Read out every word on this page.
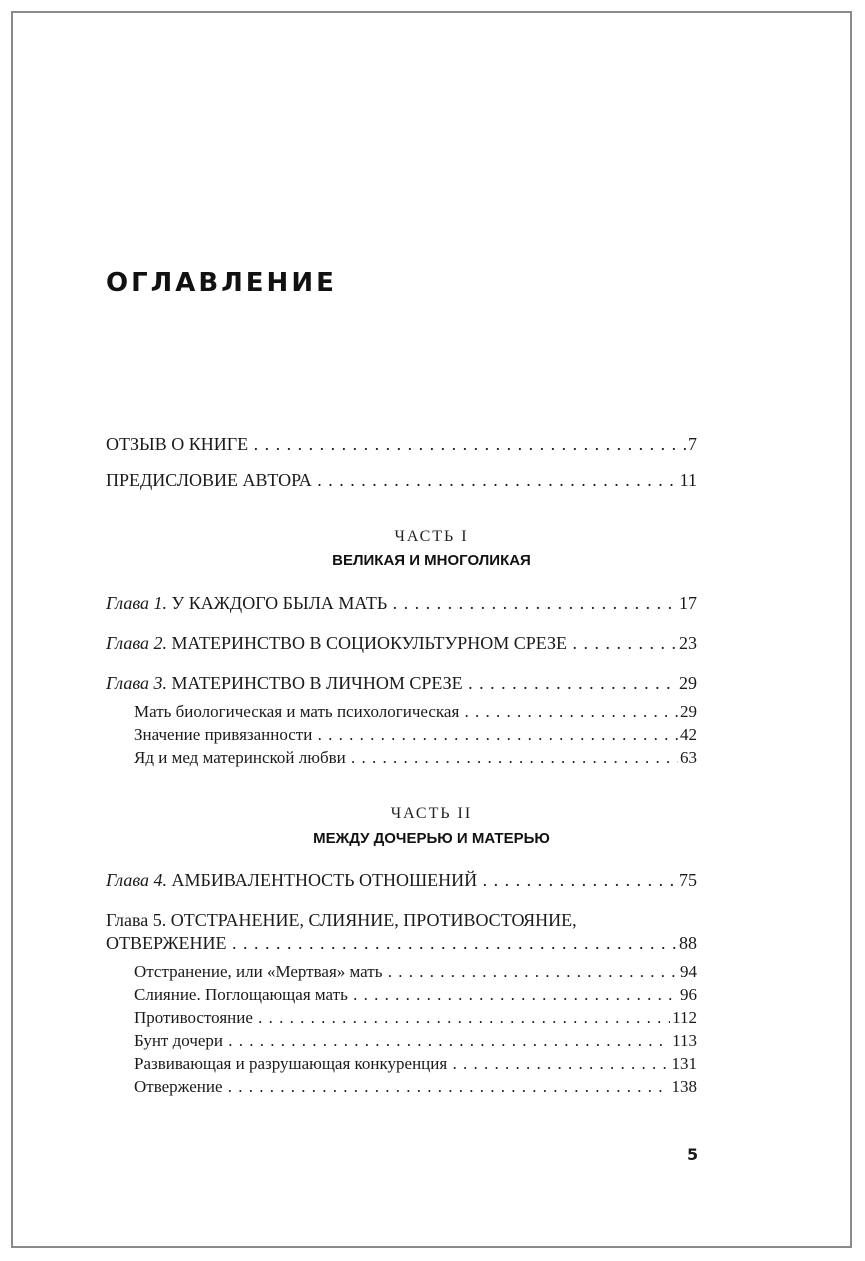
ОГЛАВЛЕНИЕ
ОТЗЫВ О КНИГЕ . . .	7
ПРЕДИСЛОВИЕ АВТОРА . . .	11
ЧАСТЬ I
ВЕЛИКАЯ И МНОГОЛИКАЯ
Глава 1. У КАЖДОГО БЫЛА МАТЬ . . .	17
Глава 2. МАТЕРИНСТВО В СОЦИОКУЛЬТУРНОМ СРЕЗЕ . . .	23
Глава 3. МАТЕРИНСТВО В ЛИЧНОМ СРЕЗЕ . . .	29
Мать биологическая и мать психологическая . . .	29
Значение привязанности . . .	42
Яд и мед материнской любви . . .	63
ЧАСТЬ II
МЕЖДУ ДОЧЕРЬЮ И МАТЕРЬЮ
Глава 4. АМБИВАЛЕНТНОСТЬ ОТНОШЕНИЙ . . .	75
Глава 5. ОТСТРАНЕНИЕ, СЛИЯНИЕ, ПРОТИВОСТОЯНИЕ,
ОТВЕРЖЕНИЕ . . .	88
Отстранение, или «Мертвая» мать . . .	94
Слияние. Поглощающая мать . . .	96
Противостояние . . .	112
Бунт дочери . . .	113
Развивающая и разрушающая конкуренция . . .	131
Отвержение . . .	138
5
